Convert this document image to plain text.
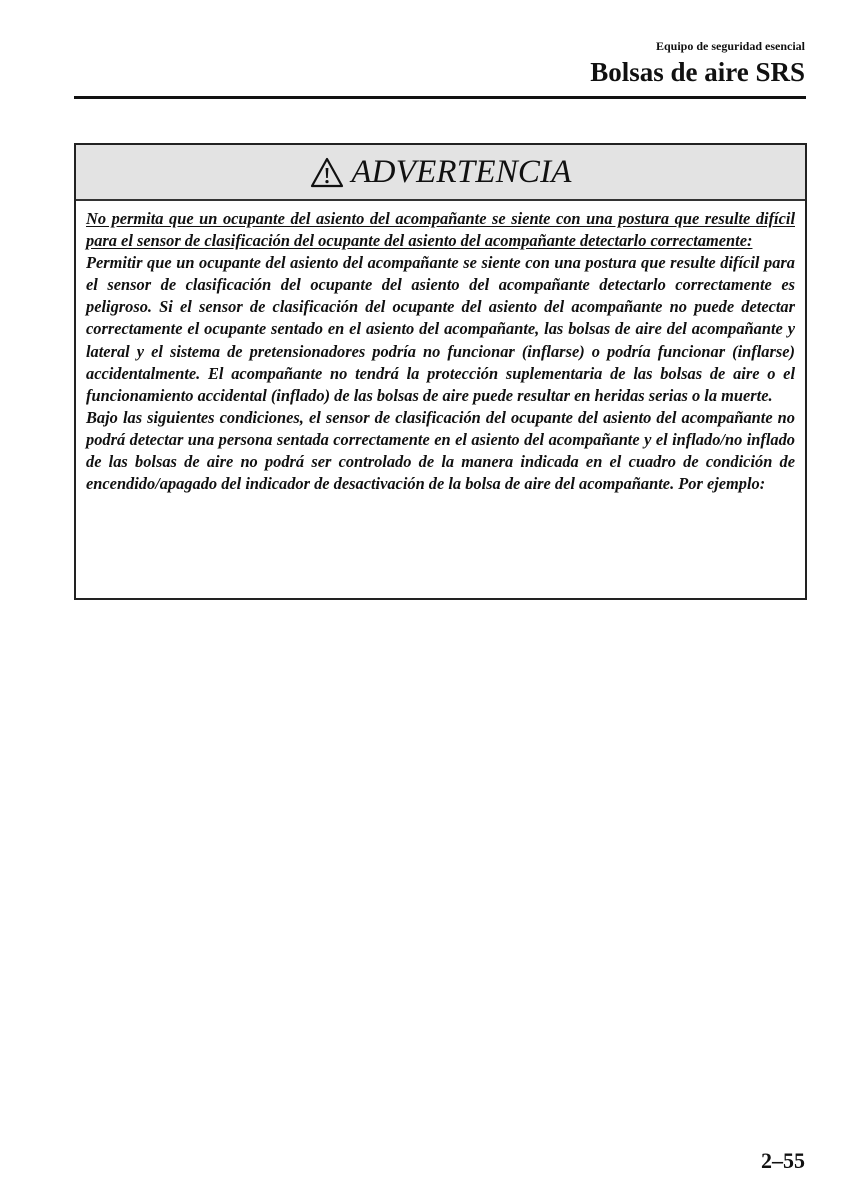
Equipo de seguridad esencial
Bolsas de aire SRS
ADVERTENCIA

No permita que un ocupante del asiento del acompañante se siente con una postura que resulte difícil para el sensor de clasificación del ocupante del asiento del acompañante detectarlo correctamente:

Permitir que un ocupante del asiento del acompañante se siente con una postura que resulte difícil para el sensor de clasificación del ocupante del asiento del acompañante detectarlo correctamente es peligroso. Si el sensor de clasificación del ocupante del asiento del acompañante no puede detectar correctamente el ocupante sentado en el asiento del acompañante, las bolsas de aire del acompañante y lateral y el sistema de pretensionadores podría no funcionar (inflarse) o podría funcionar (inflarse) accidentalmente. El acompañante no tendrá la protección suplementaria de las bolsas de aire o el funcionamiento accidental (inflado) de las bolsas de aire puede resultar en heridas serias o la muerte.

Bajo las siguientes condiciones, el sensor de clasificación del ocupante del asiento del acompañante no podrá detectar una persona sentada correctamente en el asiento del acompañante y el inflado/no inflado de las bolsas de aire no podrá ser controlado de la manera indicada en el cuadro de condición de encendido/apagado del indicador de desactivación de la bolsa de aire del acompañante. Por ejemplo:

2–55
